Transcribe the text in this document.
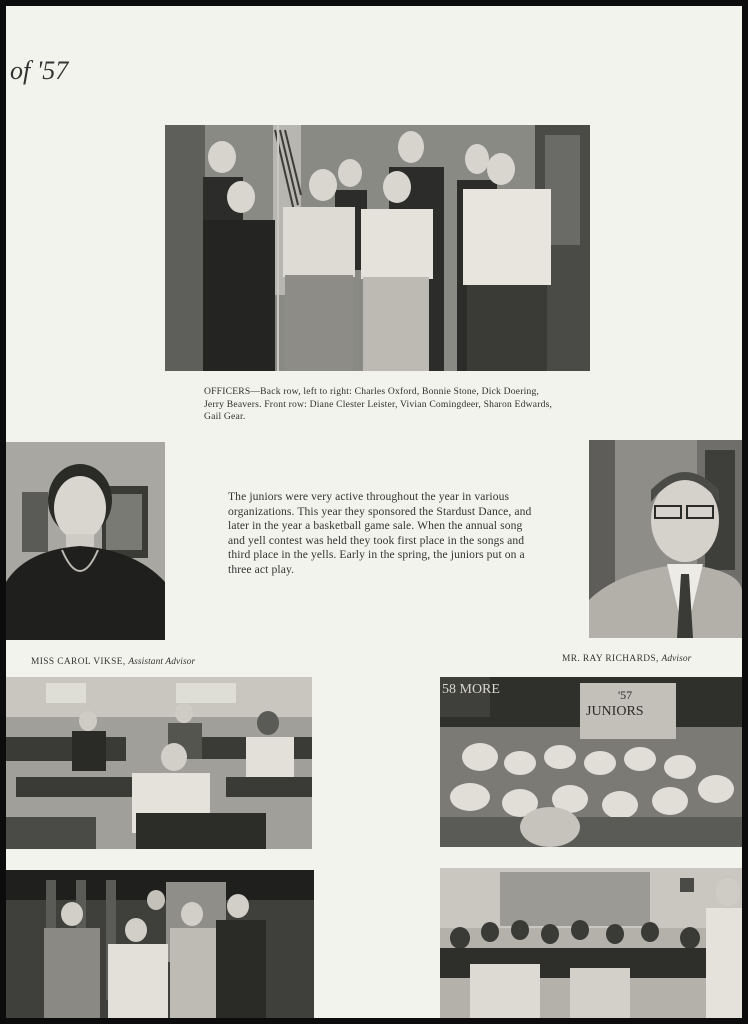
of '57
OFFICERS—Back row, left to right: Charles Oxford, Bonnie Stone, Dick Doering, Jerry Beavers. Front row: Diane Clester Leister, Vivian Comingdeer, Sharon Edwards, Gail Gear.
The juniors were very active throughout the year in various organizations. This year they sponsored the Stardust Dance, and later in the year a basketball game sale. When the annual song and yell contest was held they took first place in the songs and third place in the yells. Early in the spring, the juniors put on a three act play.
MISS CAROL VIKSE, Assistant Advisor	MR. RAY RICHARDS, Advisor
58 MORE
JUNIORS
'57
